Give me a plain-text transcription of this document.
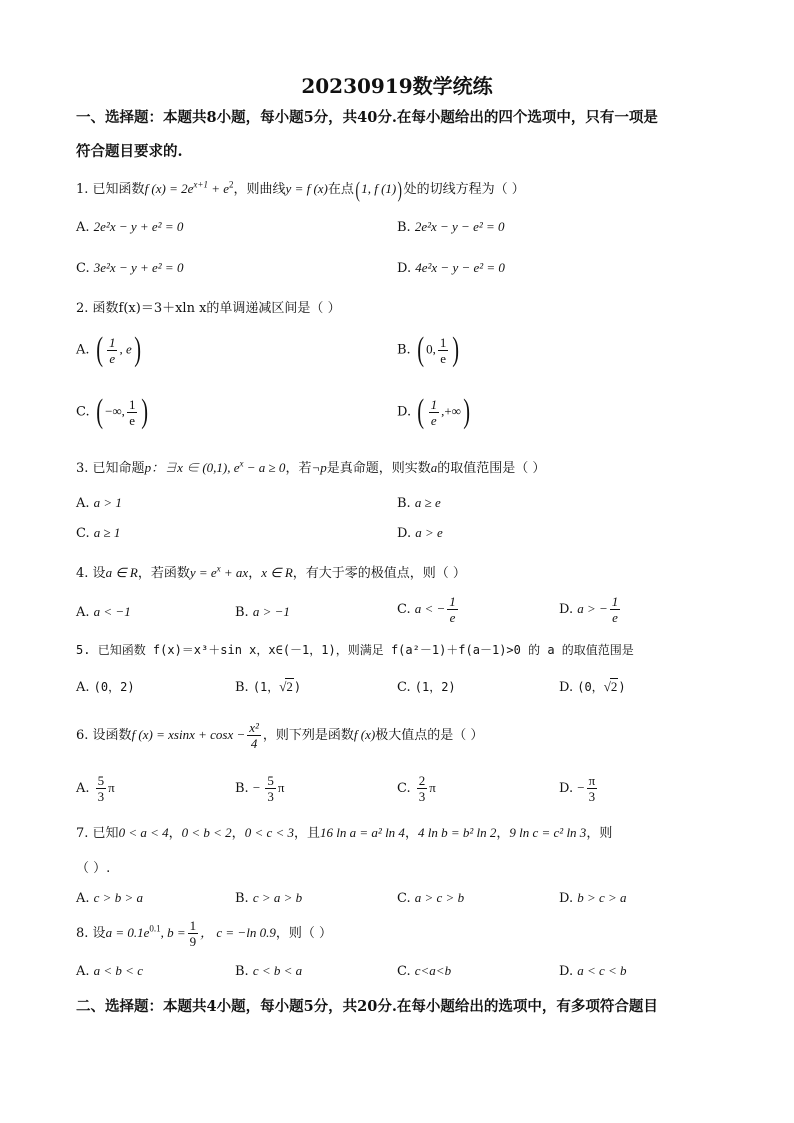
20230919数学统练
一、选择题：本题共8小题，每小题5分，共40分.在每小题给出的四个选项中，只有一项是
符合题目要求的.
1. 已知函数f $(x) = 2e^{x+1} + e^2$，则曲线y = f (x)在点(1, f (1))处的切线方程为（ ）
A. 2e²x − y + e² = 0	B. 2e²x − y − e² = 0
C. 3e²x − y + e² = 0	D. 4e²x − y − e² = 0
2. 函数f(x)＝3＋xln x的单调递减区间是（ ）
A. ( $\frac{1}{e}$ , e)	B. ( 0, $\frac{1}{e}$ )
C. ( −∞, $\frac{1}{e}$ )	D. ( $\frac{1}{e}$ ,+∞)
3. 已知命题p：∃x ∈ (0,1), $e^x - a \ge 0$，若¬p是真命题，则实数a的取值范围是（ ）
A. a > 1	B. a ≥ e
C. a ≥ 1	D. a > e
4. 设a ∈ R，若函数$y = e^x$ + ax，x ∈ R，有大于零的极值点，则（ ）
A. a < −1	B. a > −1	C. a < − $\frac{1}{e}$	D. a > − $\frac{1}{e}$
5. 已知函数 f(x)＝x³＋sin x，x∈(－1，1)，则满足 f(a²－1)＋f(a－1)>0 的 a 的取值范围是
A. (0，2)	B. (1，√2)	C. (1，2)	D. (0，√2)
6. 设函数f $(x) = xsinx + \cos x - \frac{\text{x²}}{4}$ ，则下列是函数f (x)极大值点的是（ ）
A. $\frac{5}{3}$ π	B. − $\frac{5}{3}$ π	C. $\frac{2}{3}$ π	D. − $\frac{\pi}{3}$
7. 已知0 < a < 4，0 < b < 2，0 < c < 3，且16 ln a = a² ln 4，4 ln b = b² ln 2，9 ln c = c² ln 3，则
（ ）.
A. c > b > a	B. c > a > b	C. a > c > b	D. b > c > a
8. 设$a = 0.1e^{0.1}$, $b = \frac{1}{9}$ ， c = −ln 0.9，则（ ）
A. a < b < c	B. c < b < a	C. c<a<b	D. a < c < b
二、选择题：本题共4小题，每小题5分，共20分.在每小题给出的选项中，有多项符合题目
